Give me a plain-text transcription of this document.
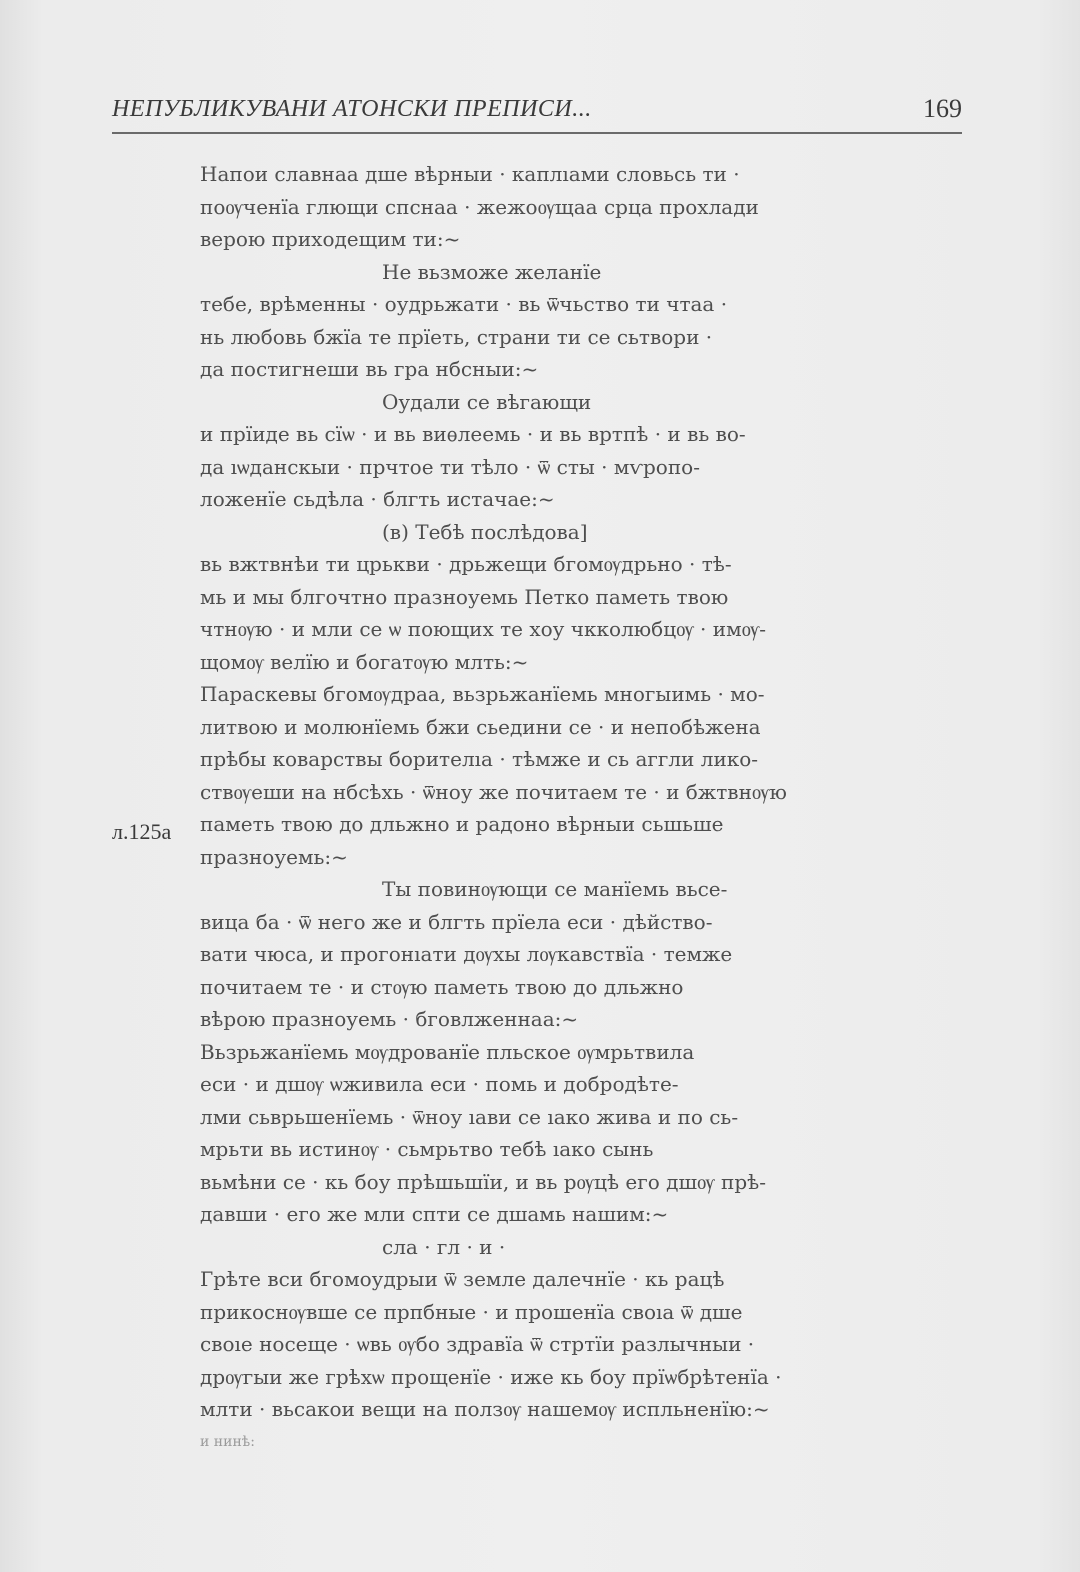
НЕПУБЛИКУВАНИ АТОНСКИ ПРЕПИСИ...	169
л.125а
Напои славнаа дше вѣрныи · каплıами словьсь ти ·
поѹченїа глющи спснаа · жежоѹщаа срца прохлади
верою приходещим ти:~
Не вьзможе желанїе
тебе, врѣменны · оудрьжати · вь ѿчьство ти чтаа ·
нь любовь бжїа те прїеть, страни ти се сьтвори ·
да постигнеши вь гра нбсныи:~
Оудали се вѣгающи
и прїиде вь сїѡ · и вь виѳлеемь · и вь вртпѣ · и вь во-
да ıѡданскыи · прчтое ти тѣло · ѿ сты · мѵропо-
ложенїе сьдѣла · блгть истачае:~
(в) Тебѣ послѣдова]
вь вжтвнѣи ти црькви · дрьжещи бгомѹдрьно · тѣ-
мь и мы блгочтно празноуемь Петко паметь твою
чтнѹю · и мли се ѡ поющиx те хоу чкколюбцѹ · имѹ-
щомѹ велїю и богатѹю млть:~
Параскевы бгомѹдраа, вьзрьжанїемь многыимь · мо-
литвою и молюнїемь бжи сьедини се · и непобѣжена
прѣбы коварствы борителıа · тѣмже и сь аггли лико-
ствѹеши на нбсѣхь · ѿноу же почитаем те · и бжтвнѹю
паметь твою до дльжно и радоно вѣрныи сьшьше
празноуемь:~
Ты повинѹющи се манїемь вьсе-
вица ба · ѿ него же и блгть прїела еси · дѣйство-
вати чюса, и прогонıати дѹхы лѹкавствїа · темже
почитаем те · и стѹю паметь твою до дльжно
вѣрою празноуемь · бговлженнаа:~
Вьзрьжанїемь мѹдрованїе пльское ѹмрьтвила
еси · и дшѹ ѡживила еси · помь и добродѣте-
лми сьврьшенїемь · ѿноу ıави се ıако жива и по сь-
мрьти вь истинѹ · сьмрьтво тебѣ ıако сынь
вьмѣни се · кь боу прѣшьшїи, и вь рѹцѣ его дшѹ прѣ-
давши · его же мли спти се дшамь нашим:~
сла · гл · и ·
Грѣте вси бгомоудрыи ѿ земле далечнїе · кь рацѣ
прикоснѹвше се прпбные · и прошенїа своıа ѿ дше
своıе носеще · ѡвь ѹбо здравїа ѿ стртїи разлычныи ·
дрѹгыи же грѣхѡ прощенїе · иже кь боу прїѡбрѣтенїа ·
млти · вьсакои вещи на ползѹ нашемѹ испльненїю:~
и нинѣ:
